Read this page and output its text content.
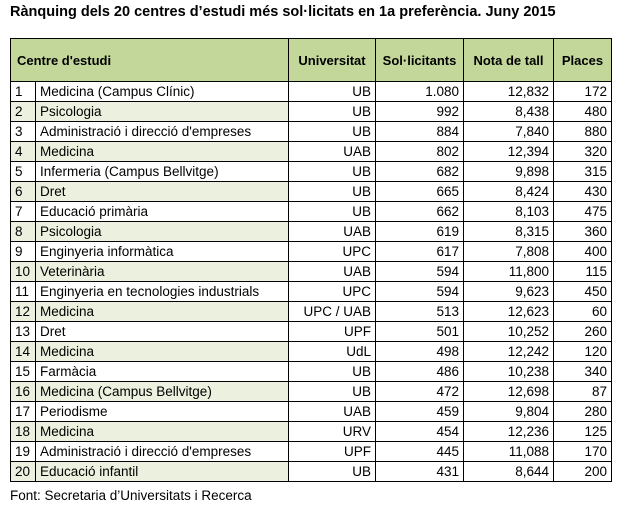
Rànquing dels 20 centres d’estudi més sol·licitats en 1a preferència. Juny 2015
Centre d'estudi		Universitat	Sol·licitants	Nota de tall	Places
1	Medicina (Campus Clínic)	UB	1.080	12,832	172
2	Psicologia	UB	992	8,438	480
3	Administració i direcció d'empreses	UB	884	7,840	880
4	Medicina	UAB	802	12,394	320
5	Infermeria (Campus Bellvitge)	UB	682	9,898	315
6	Dret	UB	665	8,424	430
7	Educació primària	UB	662	8,103	475
8	Psicologia	UAB	619	8,315	360
9	Enginyeria informàtica	UPC	617	7,808	400
10	Veterinària	UAB	594	11,800	115
11	Enginyeria en tecnologies industrials	UPC	594	9,623	450
12	Medicina	UPC / UAB	513	12,623	60
13	Dret	UPF	501	10,252	260
14	Medicina	UdL	498	12,242	120
15	Farmàcia	UB	486	10,238	340
16	Medicina (Campus Bellvitge)	UB	472	12,698	87
17	Periodisme	UAB	459	9,804	280
18	Medicina	URV	454	12,236	125
19	Administració i direcció d'empreses	UPF	445	11,088	170
20	Educació infantil	UB	431	8,644	200
Font: Secretaria d’Universitats i Recerca
